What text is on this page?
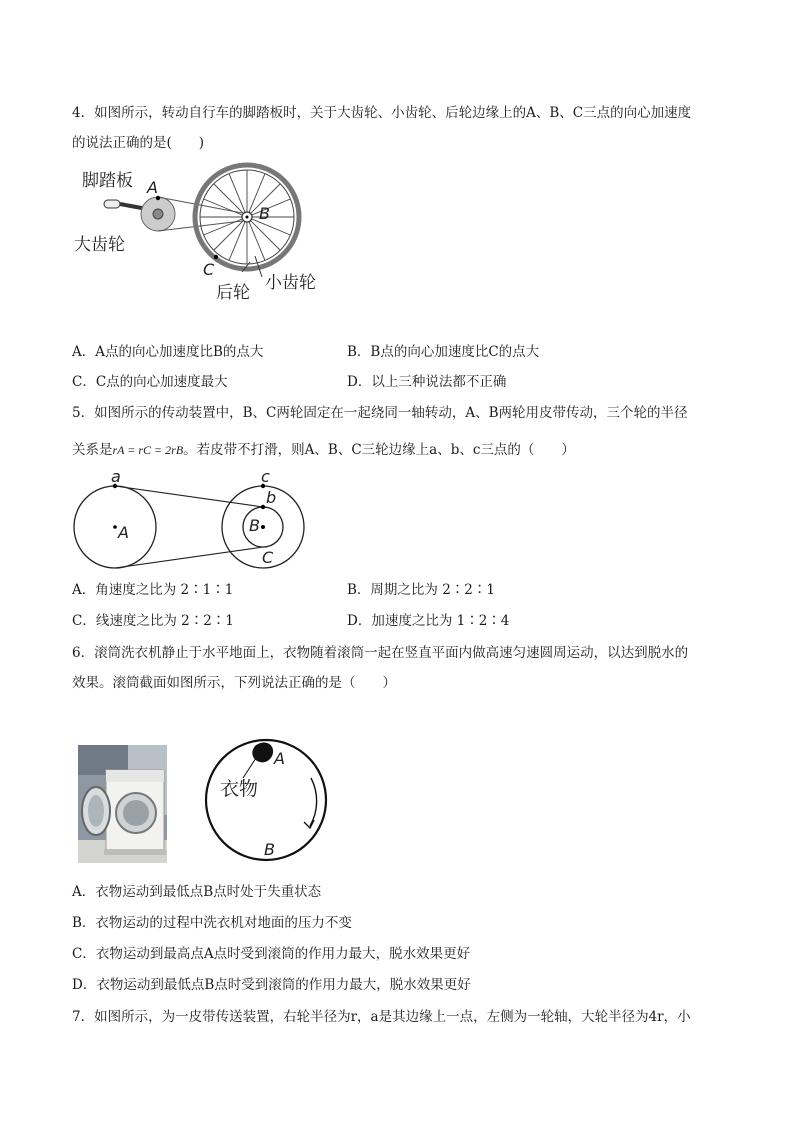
4．如图所示，转动自行车的脚踏板时，关于大齿轮、小齿轮、后轮边缘上的A、B、C三点的向心加速度
的说法正确的是(　　)
脚踏板 A
B
大齿轮
C
后轮 小齿轮
A．A点的向心加速度比B的点大	B．B点的向心加速度比C的点大
C．C点的向心加速度最大	D．以上三种说法都不正确
5．如图所示的传动装置中，B、C两轮固定在一起绕同一轴转动，A、B两轮用皮带传动，三个轮的半径
关系是rA = rC = 2rB。若皮带不打滑，则A、B、C三轮边缘上a、b、c三点的（　　）
a	c
b
A	B
C
A．角速度之比为 2∶1∶1	B．周期之比为 2∶2∶1
C．线速度之比为 2∶2∶1	D．加速度之比为 1∶2∶4
6．滚筒洗衣机静止于水平地面上，衣物随着滚筒一起在竖直平面内做高速匀速圆周运动，以达到脱水的
效果。滚筒截面如图所示，下列说法正确的是（　　）
A
B
衣物
A．衣物运动到最低点B点时处于失重状态
B．衣物运动的过程中洗衣机对地面的压力不变
C．衣物运动到最高点A点时受到滚筒的作用力最大，脱水效果更好
D．衣物运动到最低点B点时受到滚筒的作用力最大，脱水效果更好
7．如图所示，为一皮带传送装置，右轮半径为r，a是其边缘上一点，左侧为一轮轴，大轮半径为4r，小
